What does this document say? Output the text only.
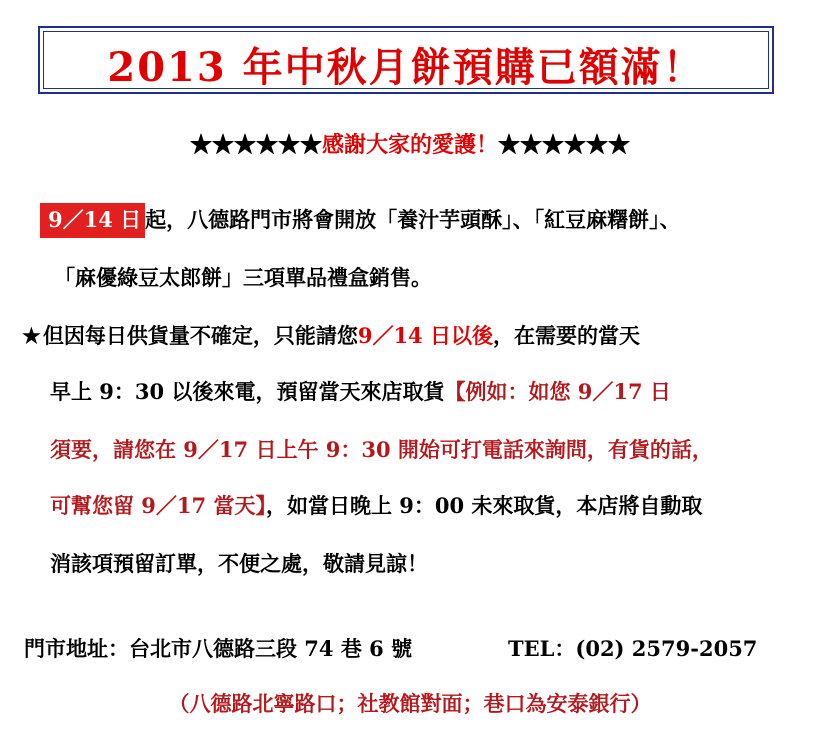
2013 年中秋月餅預購已額滿！
★★★★★★感謝大家的愛護！★★★★★★
9／14 日 起，八德路門市將會開放「養汁芋頭酥」、「紅豆麻糬餅」、
「麻優綠豆太郎餅」三項單品禮盒銷售。
★但因每日供貨量不確定，只能請您9／14 日以後，在需要的當天
早上 9：30 以後來電，預留當天來店取貨【例如：如您 9／17 日
須要，請您在 9／17 日上午 9：30 開始可打電話來詢問，有貨的話，
可幫您留 9／17 當天】，如當日晚上 9：00 未來取貨，本店將自動取
消該項預留訂單，不便之處，敬請見諒！
門市地址：台北市八德路三段 74 巷 6 號	TEL：(02) 2579-2057
（八德路北寧路口；社教館對面；巷口為安泰銀行）
